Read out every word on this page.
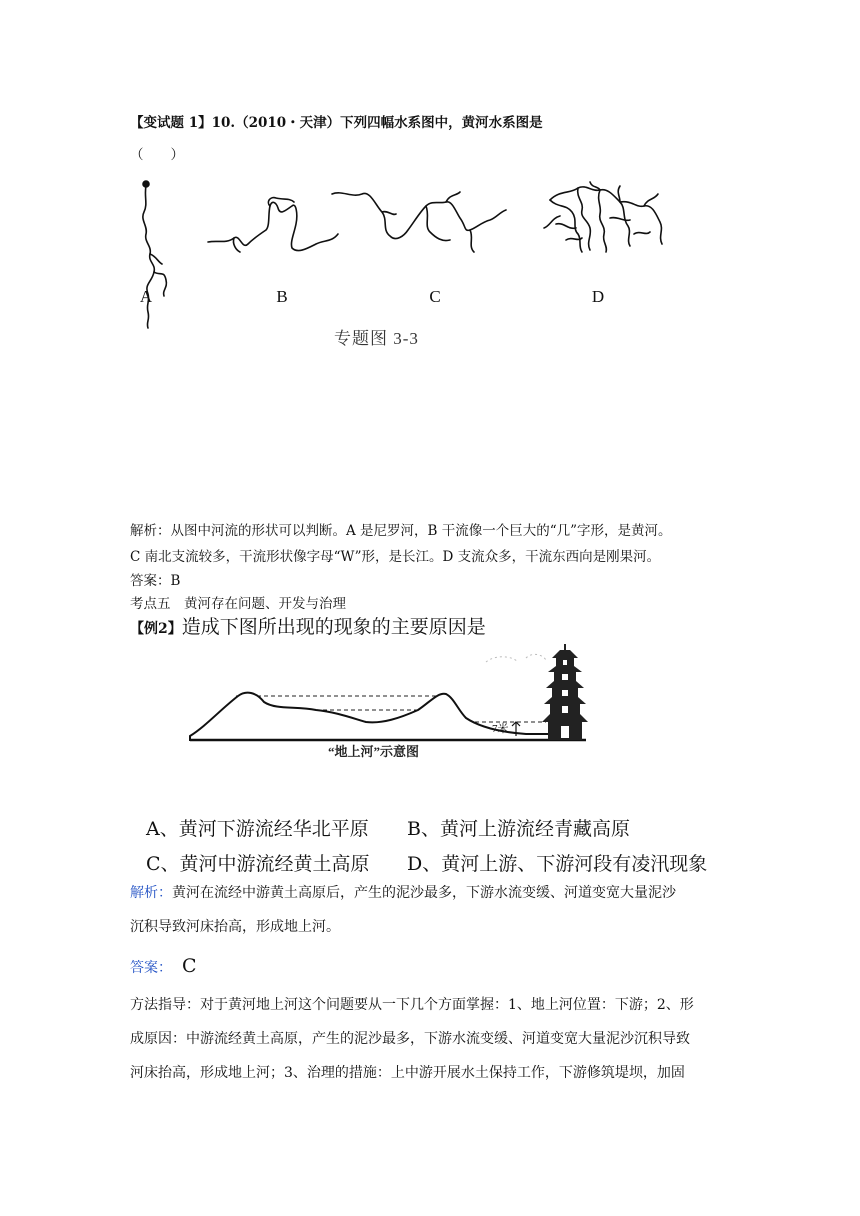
【变试题 1】10.（2010・天津）下列四幅水系图中，黄河水系图是
（　　）
A	B	C	D
专题图 3-3
解析：从图中河流的形状可以判断。A 是尼罗河，B 干流像一个巨大的“几”字形，是黄河。
C 南北支流较多，干流形状像字母“W”形，是长江。D 支流众多，干流东西向是刚果河。
答案：B
考点五　黄河存在问题、开发与治理
【例2】造成下图所出现的现象的主要原因是
7米
“地上河”示意图
A、黄河下游流经华北平原 B、黄河上游流经青藏高原
C、黄河中游流经黄土高原 D、黄河上游、下游河段有凌汛现象
解析：黄河在流经中游黄土高原后，产生的泥沙最多，下游水流变缓、河道变宽大量泥沙
沉积导致河床抬高，形成地上河。
答案： C
方法指导：对于黄河地上河这个问题要从一下几个方面掌握：1、地上河位置：下游；2、形
成原因：中游流经黄土高原，产生的泥沙最多，下游水流变缓、河道变宽大量泥沙沉积导致
河床抬高，形成地上河；3、治理的措施：上中游开展水土保持工作，下游修筑堤坝，加固
